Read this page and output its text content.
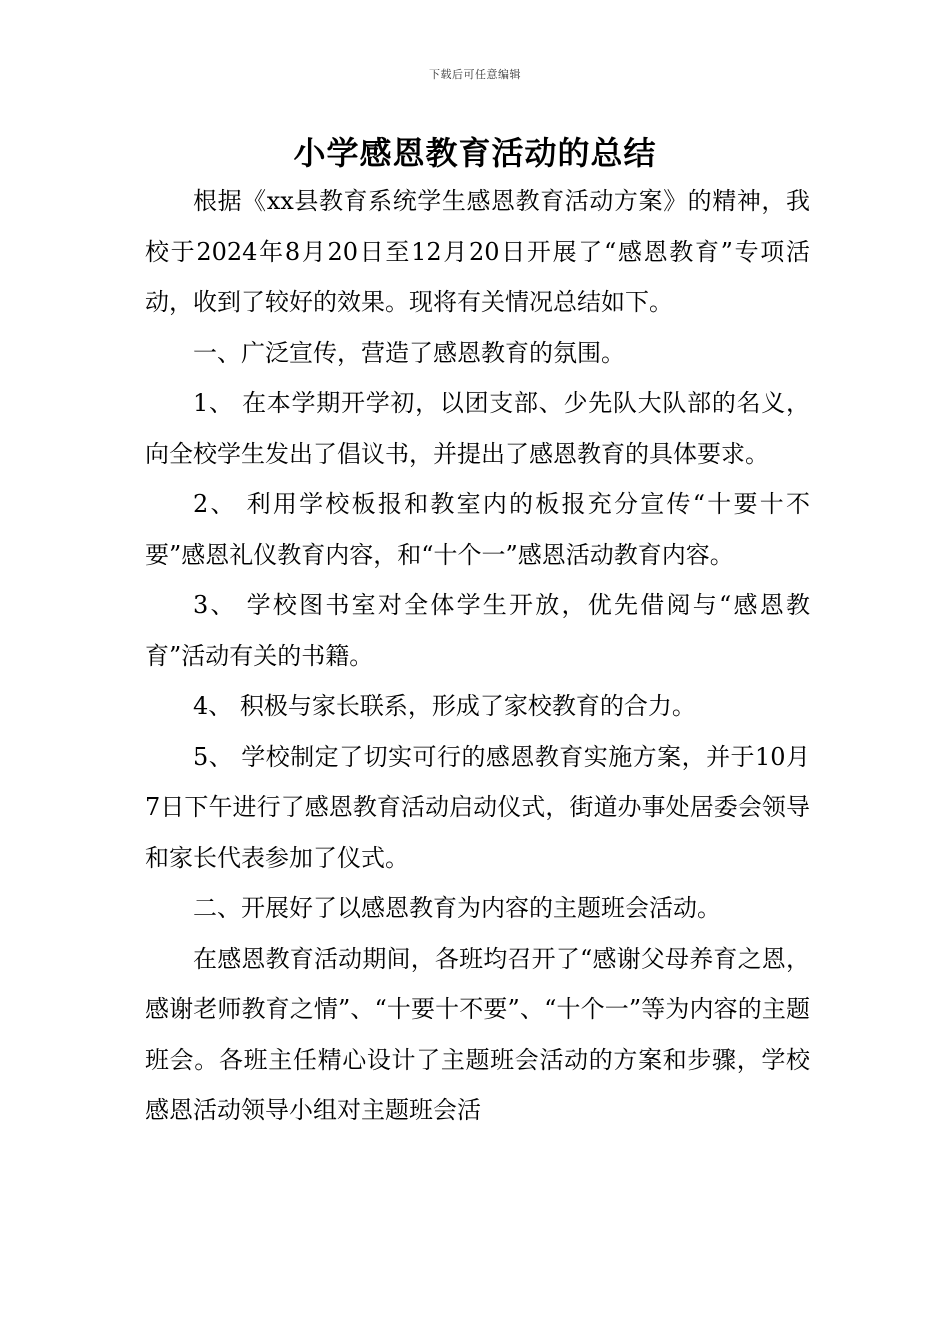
下载后可任意编辑
小学感恩教育活动的总结

根据《xx县教育系统学生感恩教育活动方案》的精神，我校于2024年8月20日至12月20日开展了“感恩教育”专项活动，收到了较好的效果。现将有关情况总结如下。

一、广泛宣传，营造了感恩教育的氛围。

1、 在本学期开学初，以团支部、少先队大队部的名义，向全校学生发出了倡议书，并提出了感恩教育的具体要求。

2、 利用学校板报和教室内的板报充分宣传“十要十不要”感恩礼仪教育内容，和“十个一”感恩活动教育内容。

3、 学校图书室对全体学生开放，优先借阅与“感恩教育”活动有关的书籍。

4、 积极与家长联系，形成了家校教育的合力。

5、 学校制定了切实可行的感恩教育实施方案，并于10月7日下午进行了感恩教育活动启动仪式，街道办事处居委会领导和家长代表参加了仪式。

二、开展好了以感恩教育为内容的主题班会活动。

在感恩教育活动期间，各班均召开了“感谢父母养育之恩，感谢老师教育之情”、“十要十不要”、“十个一”等为内容的主题班会。各班主任精心设计了主题班会活动的方案和步骤，学校感恩活动领导小组对主题班会活
